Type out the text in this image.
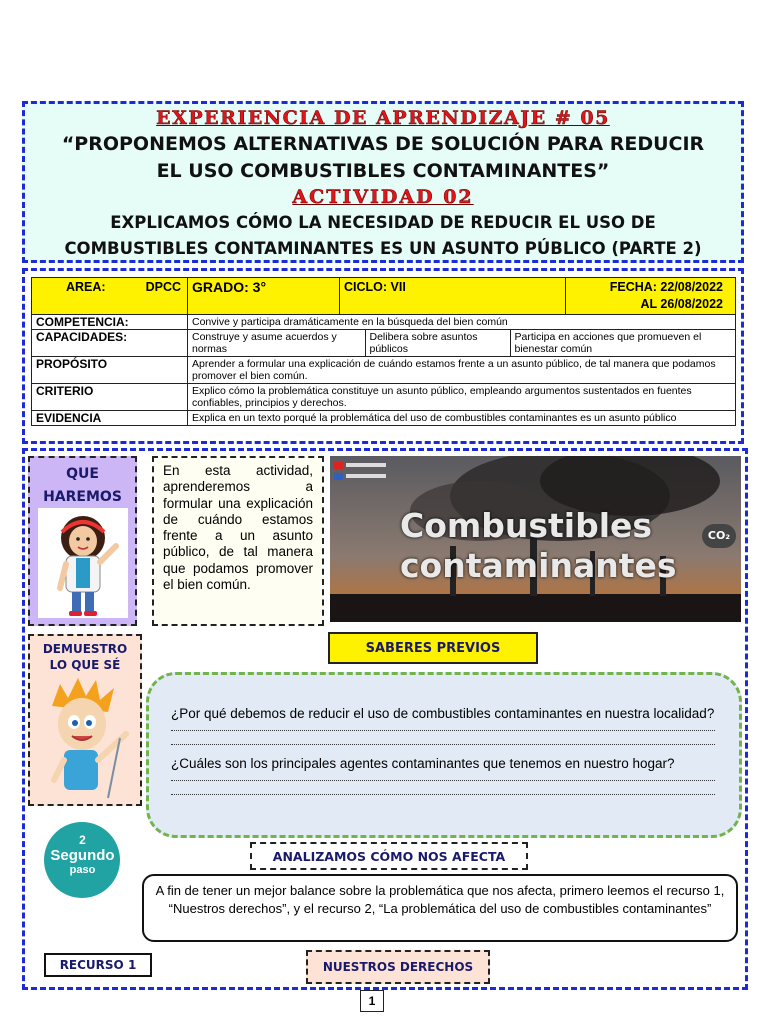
EXPERIENCIA DE APRENDIZAJE # 05
“PROPONEMOS ALTERNATIVAS DE SOLUCIÓN PARA REDUCIR
EL USO COMBUSTIBLES CONTAMINANTES”
ACTIVIDAD 02
EXPLICAMOS CÓMO LA NECESIDAD DE REDUCIR EL USO DE
COMBUSTIBLES CONTAMINANTES ES UN ASUNTO PÚBLICO (PARTE 2)
AREA:	DPCC	GRADO: 3°	CICLO: VII	FECHA: 22/08/2022
AL 26/08/2022

COMPETENCIA:	Convive y participa dramáticamente en la búsqueda del bien común
CAPACIDADES:		Construye y asume acuerdos y normas	Delibera sobre asuntos públicos	Participa en acciones que promueven el bienestar común

PROPÓSITO	Aprender a formular una explicación de cuándo estamos frente a un asunto público, de tal manera que podamos promover el bien común.
CRITERIO	Explico cómo la problemática constituye un asunto público, empleando argumentos sustentados en fuentes confiables, principios y derechos.
EVIDENCIA	Explica en un texto porqué la problemática del uso de combustibles contaminantes es un asunto público
QUE
HAREMOS
En esta actividad, aprenderemos a formular una explicación de cuándo estamos frente a un asunto público, de tal manera que podamos promover el bien común.
Combustibles
contaminantes
CO₂
DEMUESTRO
LO QUE SÉ
SABERES PREVIOS
¿Por qué debemos de reducir el uso de combustibles contaminantes en nuestra localidad?
¿Cuáles son los principales agentes contaminantes que tenemos en nuestro hogar?
2
Segundo
paso
ANALIZAMOS CÓMO NOS AFECTA
A fin de tener un mejor balance sobre la problemática que nos afecta, primero leemos el recurso 1, “Nuestros derechos”, y el recurso 2, “La problemática del uso de combustibles contaminantes”
RECURSO 1	NUESTROS DERECHOS
1
